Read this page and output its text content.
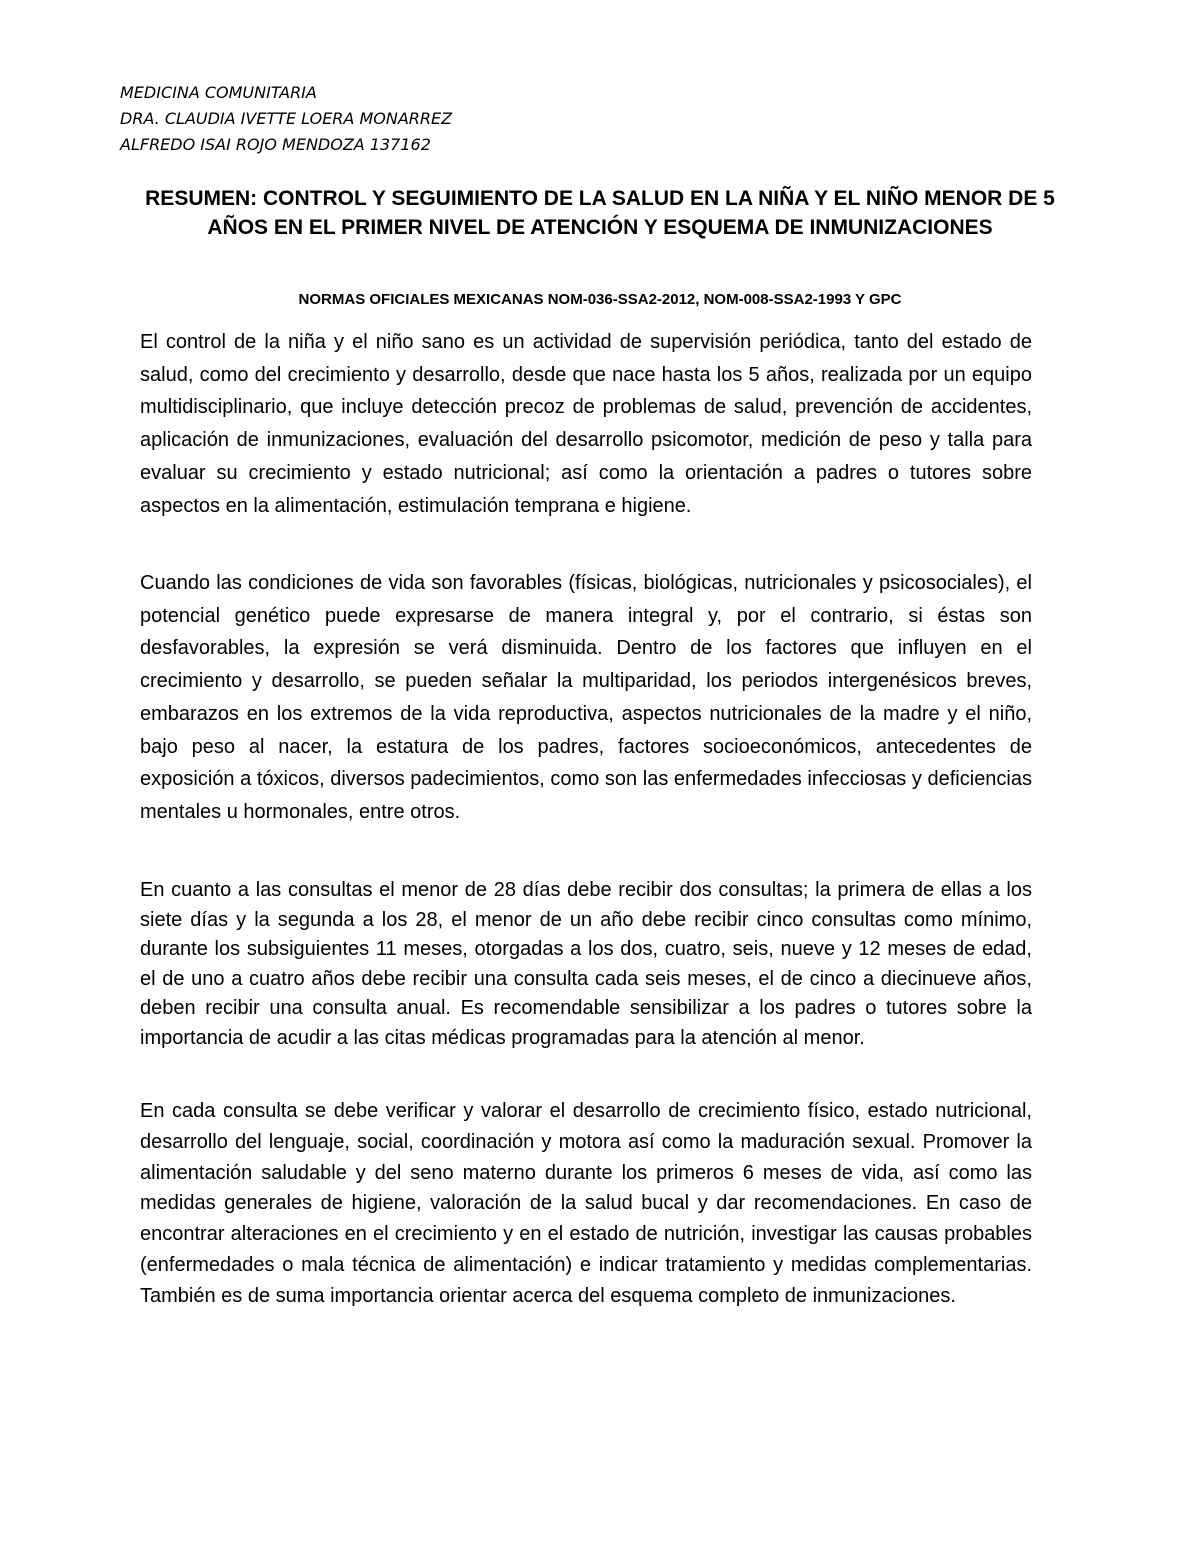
MEDICINA COMUNITARIA
DRA. CLAUDIA IVETTE LOERA MONARREZ
ALFREDO ISAI ROJO MENDOZA 137162
RESUMEN: CONTROL Y SEGUIMIENTO DE LA SALUD EN LA NIÑA Y EL NIÑO MENOR DE 5 AÑOS EN EL PRIMER NIVEL DE ATENCIÓN Y ESQUEMA DE INMUNIZACIONES
NORMAS OFICIALES MEXICANAS NOM-036-SSA2-2012, NOM-008-SSA2-1993 Y GPC

El control de la niña y el niño sano es un actividad de supervisión periódica, tanto del estado de salud, como del crecimiento y desarrollo, desde que nace hasta los 5 años, realizada por un equipo multidisciplinario, que incluye detección precoz de problemas de salud, prevención de accidentes, aplicación de inmunizaciones, evaluación del desarrollo psicomotor, medición de peso y talla para evaluar su crecimiento y estado nutricional; así como la orientación a padres o tutores sobre aspectos en la alimentación, estimulación temprana e higiene.

Cuando las condiciones de vida son favorables (físicas, biológicas, nutricionales y psicosociales), el potencial genético puede expresarse de manera integral y, por el contrario, si éstas son desfavorables, la expresión se verá disminuida. Dentro de los factores que influyen en el crecimiento y desarrollo, se pueden señalar la multiparidad, los periodos intergenésicos breves, embarazos en los extremos de la vida reproductiva, aspectos nutricionales de la madre y el niño, bajo peso al nacer, la estatura de los padres, factores socioeconómicos, antecedentes de exposición a tóxicos, diversos padecimientos, como son las enfermedades infecciosas y deficiencias mentales u hormonales, entre otros.

En cuanto a las consultas el menor de 28 días debe recibir dos consultas; la primera de ellas a los siete días y la segunda a los 28, el menor de un año debe recibir cinco consultas como mínimo, durante los subsiguientes 11 meses, otorgadas a los dos, cuatro, seis, nueve y 12 meses de edad, el de uno a cuatro años debe recibir una consulta cada seis meses, el de cinco a diecinueve años, deben recibir una consulta anual. Es recomendable sensibilizar a los padres o tutores sobre la importancia de acudir a las citas médicas programadas para la atención al menor.

En cada consulta se debe verificar y valorar el desarrollo de crecimiento físico, estado nutricional, desarrollo del lenguaje, social, coordinación y motora así como la maduración sexual. Promover la alimentación saludable y del seno materno durante los primeros 6 meses de vida, así como las medidas generales de higiene, valoración de la salud bucal y dar recomendaciones. En caso de encontrar alteraciones en el crecimiento y en el estado de nutrición, investigar las causas probables (enfermedades o mala técnica de alimentación) e indicar tratamiento y medidas complementarias. También es de suma importancia orientar acerca del esquema completo de inmunizaciones.
